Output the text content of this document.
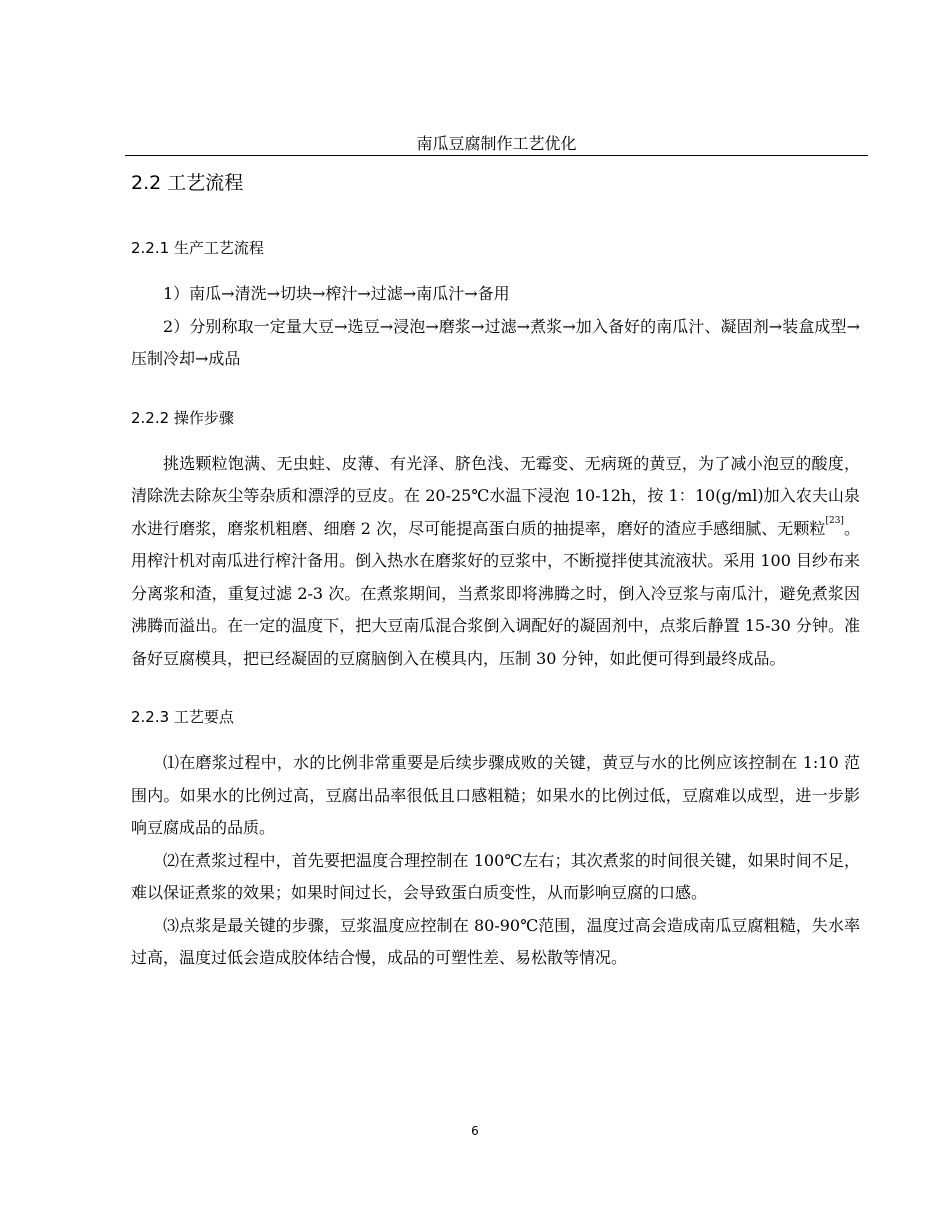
南瓜豆腐制作工艺优化
2.2 工艺流程
2.2.1 生产工艺流程

1）南瓜→清洗→切块→榨汁→过滤→南瓜汁→备用

2）分别称取一定量大豆→选豆→浸泡→磨浆→过滤→煮浆→加入备好的南瓜汁、凝固剂→装盒成型→压制冷却→成品

2.2.2 操作步骤

挑选颗粒饱满、无虫蛀、皮薄、有光泽、脐色浅、无霉变、无病斑的黄豆，为了减小泡豆的酸度，清除洗去除灰尘等杂质和漂浮的豆皮。在 20-25℃水温下浸泡 10-12h，按 1：10(g/ml)加入农夫山泉水进行磨浆，磨浆机粗磨、细磨 2 次，尽可能提高蛋白质的抽提率，磨好的渣应手感细腻、无颗粒[23]。用榨汁机对南瓜进行榨汁备用。倒入热水在磨浆好的豆浆中，不断搅拌使其流液状。采用 100 目纱布来分离浆和渣，重复过滤 2-3 次。在煮浆期间，当煮浆即将沸腾之时，倒入冷豆浆与南瓜汁，避免煮浆因沸腾而溢出。在一定的温度下，把大豆南瓜混合浆倒入调配好的凝固剂中，点浆后静置 15-30 分钟。准备好豆腐模具，把已经凝固的豆腐脑倒入在模具内，压制 30 分钟，如此便可得到最终成品。

2.2.3 工艺要点

⑴在磨浆过程中，水的比例非常重要是后续步骤成败的关键，黄豆与水的比例应该控制在 1:10 范围内。如果水的比例过高，豆腐出品率很低且口感粗糙；如果水的比例过低，豆腐难以成型，进一步影响豆腐成品的品质。

⑵在煮浆过程中，首先要把温度合理控制在 100℃左右；其次煮浆的时间很关键，如果时间不足，难以保证煮浆的效果；如果时间过长，会导致蛋白质变性，从而影响豆腐的口感。

⑶点浆是最关键的步骤，豆浆温度应控制在 80-90℃范围，温度过高会造成南瓜豆腐粗糙，失水率过高，温度过低会造成胶体结合慢，成品的可塑性差、易松散等情况。

6
